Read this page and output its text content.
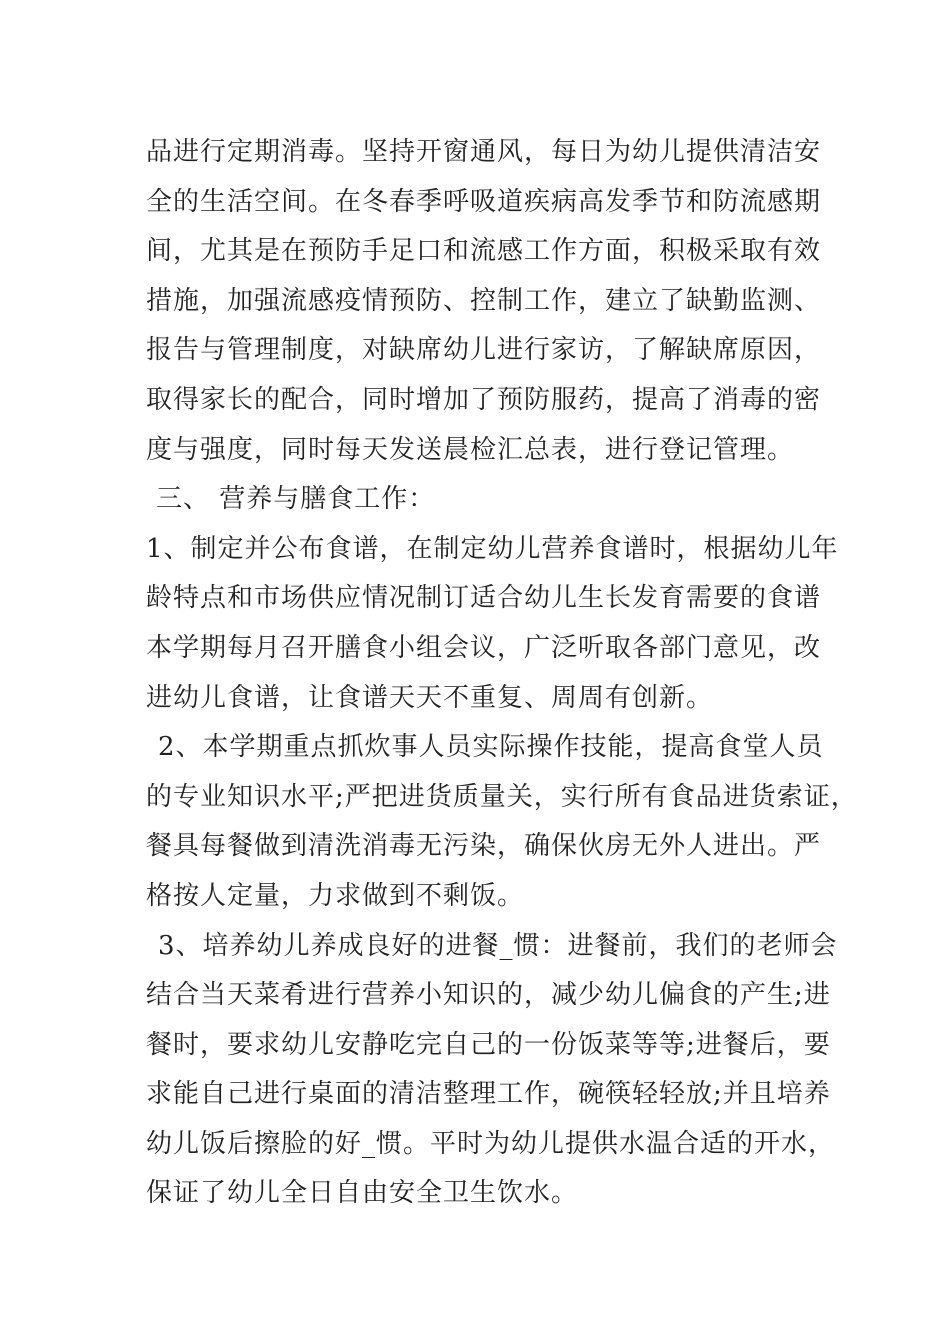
品进行定期消毒。坚持开窗通风，每日为幼儿提供清洁安
全的生活空间。在冬春季呼吸道疾病高发季节和防流感期
间，尤其是在预防手足口和流感工作方面，积极采取有效
措施，加强流感疫情预防、控制工作，建立了缺勤监测、
报告与管理制度，对缺席幼儿进行家访，了解缺席原因，
取得家长的配合，同时增加了预防服药，提高了消毒的密
度与强度，同时每天发送晨检汇总表，进行登记管理。
三、 营养与膳食工作：
1、制定并公布食谱，在制定幼儿营养食谱时，根据幼儿年
龄特点和市场供应情况制订适合幼儿生长发育需要的食谱
本学期每月召开膳食小组会议，广泛听取各部门意见，改
进幼儿食谱，让食谱天天不重复、周周有创新。
2、本学期重点抓炊事人员实际操作技能，提高食堂人员
的专业知识水平;严把进货质量关，实行所有食品进货索证，
餐具每餐做到清洗消毒无污染，确保伙房无外人进出。严
格按人定量，力求做到不剩饭。
3、培养幼儿养成良好的进餐_惯：进餐前，我们的老师会
结合当天菜肴进行营养小知识的，减少幼儿偏食的产生;进
餐时，要求幼儿安静吃完自己的一份饭菜等等;进餐后，要
求能自己进行桌面的清洁整理工作，碗筷轻轻放;并且培养
幼儿饭后擦脸的好_惯。平时为幼儿提供水温合适的开水，
保证了幼儿全日自由安全卫生饮水。
